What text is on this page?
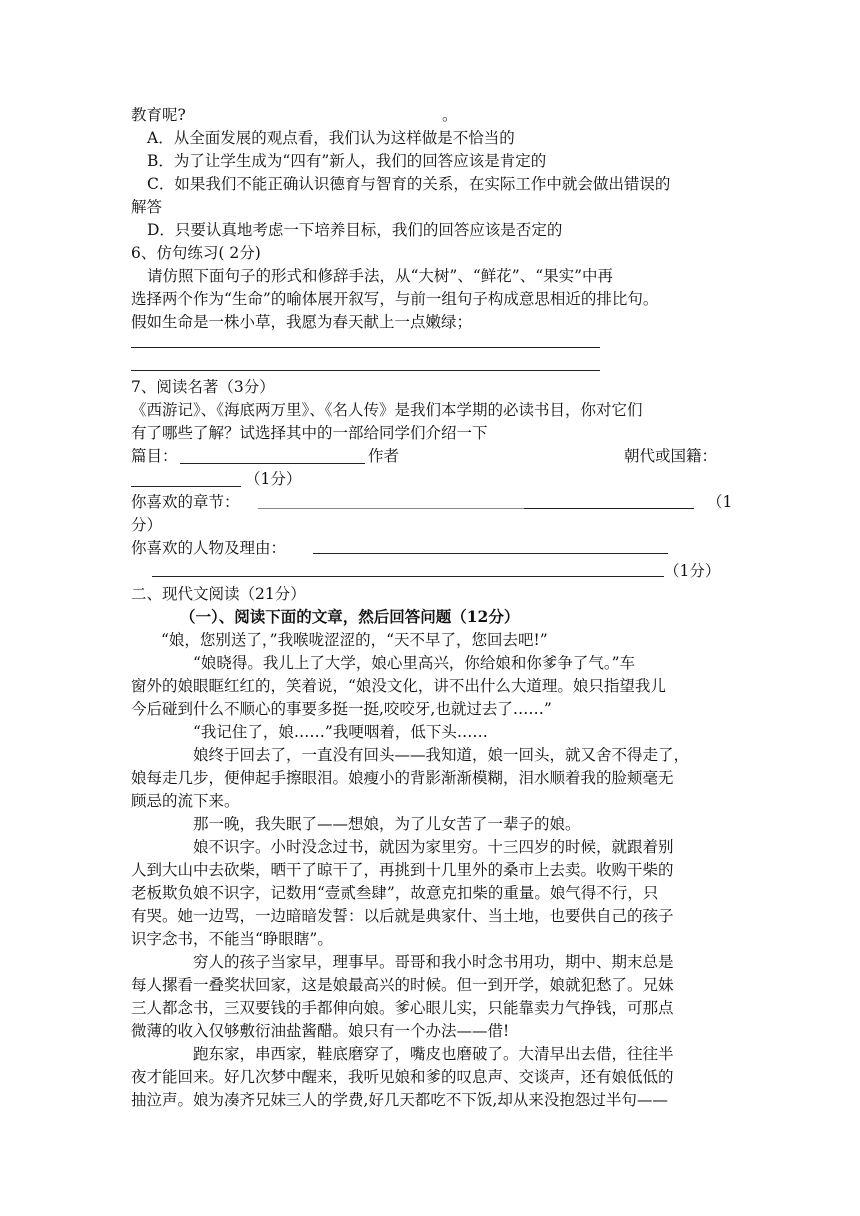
教育呢?	。
A．从全面发展的观点看，我们认为这样做是不恰当的
B．为了让学生成为“四有”新人，我们的回答应该是肯定的
C．如果我们不能正确认识德育与智育的关系，在实际工作中就会做出错误的
解答
D．只要认真地考虑一下培养目标，我们的回答应该是否定的
6、仿句练习( 2分)
请仿照下面句子的形式和修辞手法，从“大树”、“鲜花”、“果实”中再
选择两个作为“生命”的喻体展开叙写，与前一组句子构成意思相近的排比句。
假如生命是一株小草，我愿为春天献上一点嫩绿；
7、阅读名著（3分）
《西游记》、《海底两万里》、《名人传》是我们本学期的必读书目，你对它们
有了哪些了解？试选择其中的一部给同学们介绍一下
篇目：	作者	朝代或国籍：
（1分）
你喜欢的章节：	（1
分）
你喜欢的人物及理由：
（1分）
二、现代文阅读（21分）
（一）、阅读下面的文章，然后回答问题（12分）
“娘，您别送了，”我喉咙涩涩的，“天不早了，您回去吧!”
“娘晓得。我儿上了大学，娘心里高兴，你给娘和你爹争了气。”车
窗外的娘眼眶红红的，笑着说，“娘没文化，讲不出什么大道理。娘只指望我儿
今后碰到什么不顺心的事要多挺一挺,咬咬牙,也就过去了……”
“我记住了，娘……”我哽咽着，低下头……
娘终于回去了，一直没有回头——我知道，娘一回头，就又舍不得走了，
娘每走几步，便伸起手擦眼泪。娘瘦小的背影渐渐模糊，泪水顺着我的脸颊毫无
顾忌的流下来。
那一晚，我失眠了——想娘，为了儿女苦了一辈子的娘。
娘不识字。小时没念过书，就因为家里穷。十三四岁的时候，就跟着别
人到大山中去砍柴，晒干了晾干了，再挑到十几里外的桑市上去卖。收购干柴的
老板欺负娘不识字，记数用“壹贰叁肆”，故意克扣柴的重量。娘气得不行，只
有哭。她一边骂，一边暗暗发誓：以后就是典家什、当土地，也要供自己的孩子
识字念书，不能当“睁眼瞎”。
穷人的孩子当家早，理事早。哥哥和我小时念书用功，期中、期末总是
每人摞看一叠奖状回家，这是娘最高兴的时候。但一到开学，娘就犯愁了。兄妹
三人都念书，三双要钱的手都伸向娘。爹心眼儿实，只能靠卖力气挣钱，可那点
微薄的收入仅够敷衍油盐酱醋。娘只有一个办法——借!
跑东家，串西家，鞋底磨穿了，嘴皮也磨破了。大清早出去借，往往半
夜才能回来。好几次梦中醒来，我听见娘和爹的叹息声、交谈声，还有娘低低的
抽泣声。娘为凑齐兄妹三人的学费,好几天都吃不下饭,却从来没抱怨过半句——
